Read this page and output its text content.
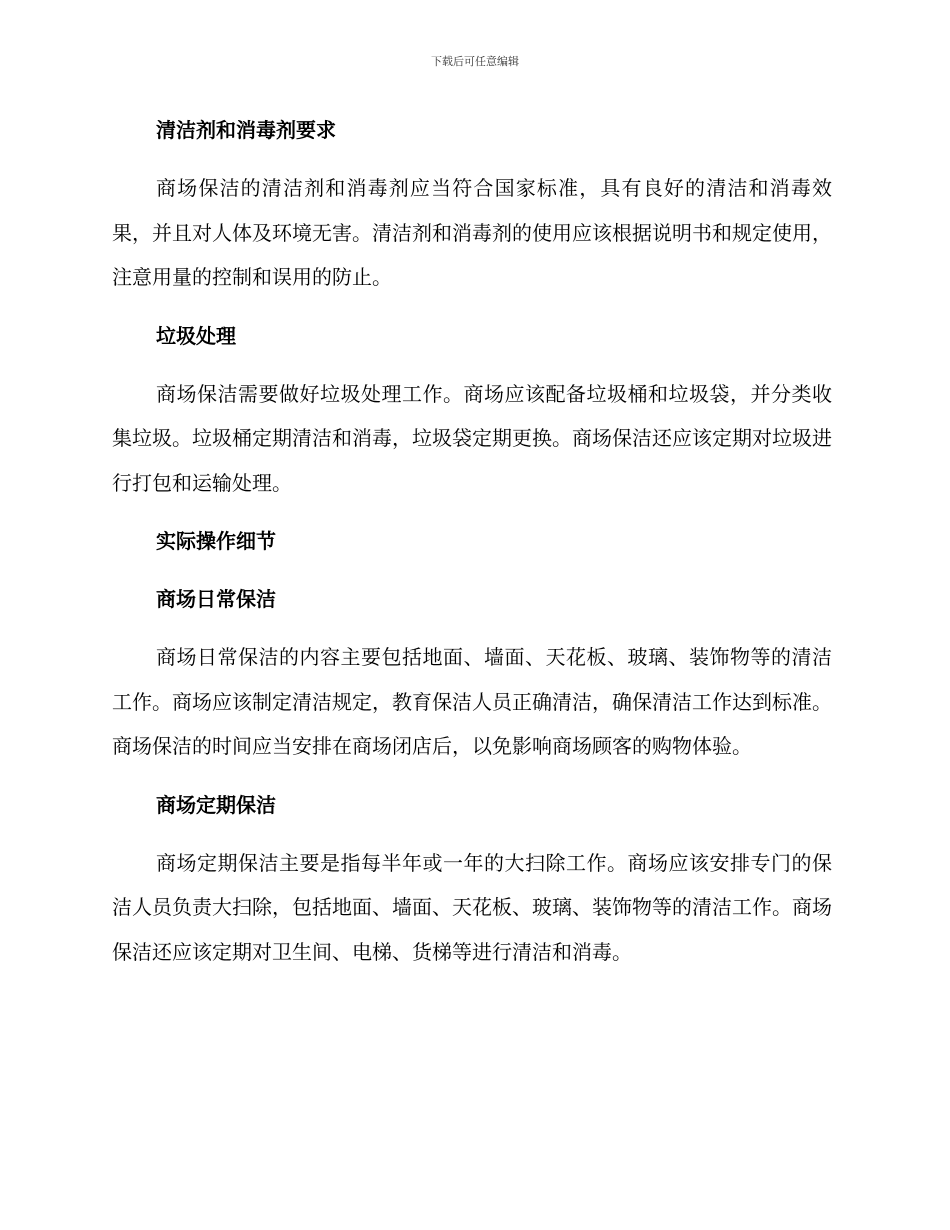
下载后可任意编辑
清洁剂和消毒剂要求

商场保洁的清洁剂和消毒剂应当符合国家标准，具有良好的清洁和消毒效果，并且对人体及环境无害。清洁剂和消毒剂的使用应该根据说明书和规定使用，注意用量的控制和误用的防止。

垃圾处理

商场保洁需要做好垃圾处理工作。商场应该配备垃圾桶和垃圾袋，并分类收集垃圾。垃圾桶定期清洁和消毒，垃圾袋定期更换。商场保洁还应该定期对垃圾进行打包和运输处理。

实际操作细节
商场日常保洁

商场日常保洁的内容主要包括地面、墙面、天花板、玻璃、装饰物等的清洁工作。商场应该制定清洁规定，教育保洁人员正确清洁，确保清洁工作达到标准。商场保洁的时间应当安排在商场闭店后，以免影响商场顾客的购物体验。

商场定期保洁

商场定期保洁主要是指每半年或一年的大扫除工作。商场应该安排专门的保洁人员负责大扫除，包括地面、墙面、天花板、玻璃、装饰物等的清洁工作。商场保洁还应该定期对卫生间、电梯、货梯等进行清洁和消毒。
